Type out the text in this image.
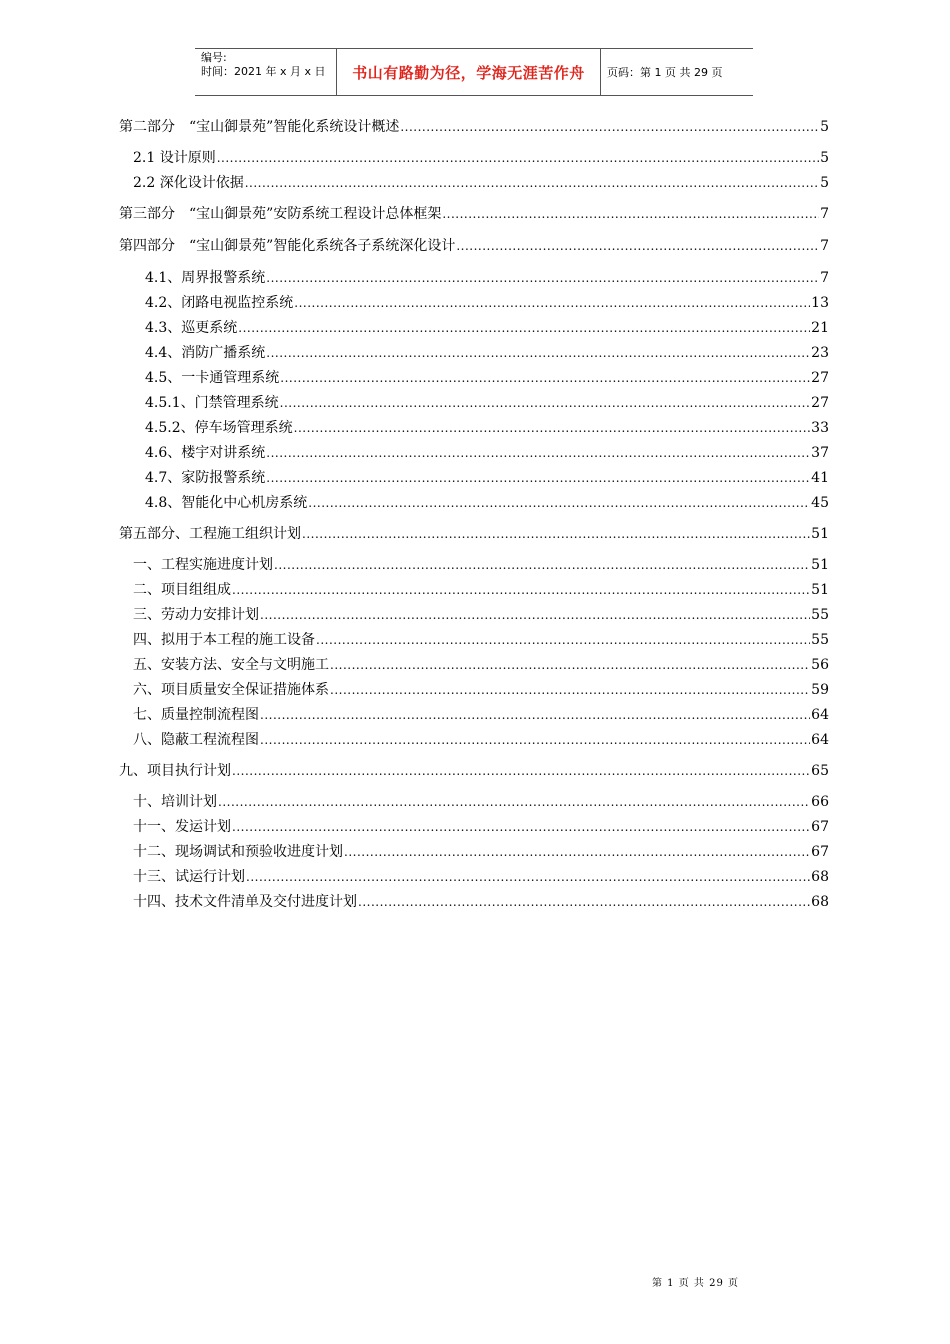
编号:
时间：2021 年 x 月 x 日	书山有路勤为径，学海无涯苦作舟	页码：第 1 页 共 29 页
第二部分　“宝山御景苑”智能化系统设计概述 .....	5
2.1 设计原则 .....	5
2.2 深化设计依据 .....	5
第三部分　“宝山御景苑”安防系统工程设计总体框架 .....	7
第四部分　“宝山御景苑”智能化系统各子系统深化设计 .....	7
4.1、周界报警系统 .....	7
4.2、闭路电视监控系统 .....	13
4.3、巡更系统 .....	21
4.4、消防广播系统 .....	23
4.5、一卡通管理系统 .....	27
4.5.1、门禁管理系统 .....	27
4.5.2、停车场管理系统 .....	33
4.6、楼宇对讲系统 .....	37
4.7、家防报警系统 .....	41
4.8、智能化中心机房系统 .....	45
第五部分、工程施工组织计划 .....	51
一、工程实施进度计划 .....	51
二、项目组组成 .....	51
三、劳动力安排计划 .....	55
四、拟用于本工程的施工设备 .....	55
五、安装方法、安全与文明施工 .....	56
六、项目质量安全保证措施体系 .....	59
七、质量控制流程图 .....	64
八、隐蔽工程流程图 .....	64
九、项目执行计划 .....	65
十、培训计划 .....	66
十一、发运计划 .....	67
十二、现场调试和预验收进度计划 .....	67
十三、试运行计划 .....	68
十四、技术文件清单及交付进度计划 .....	68
第 1 页 共 29 页
